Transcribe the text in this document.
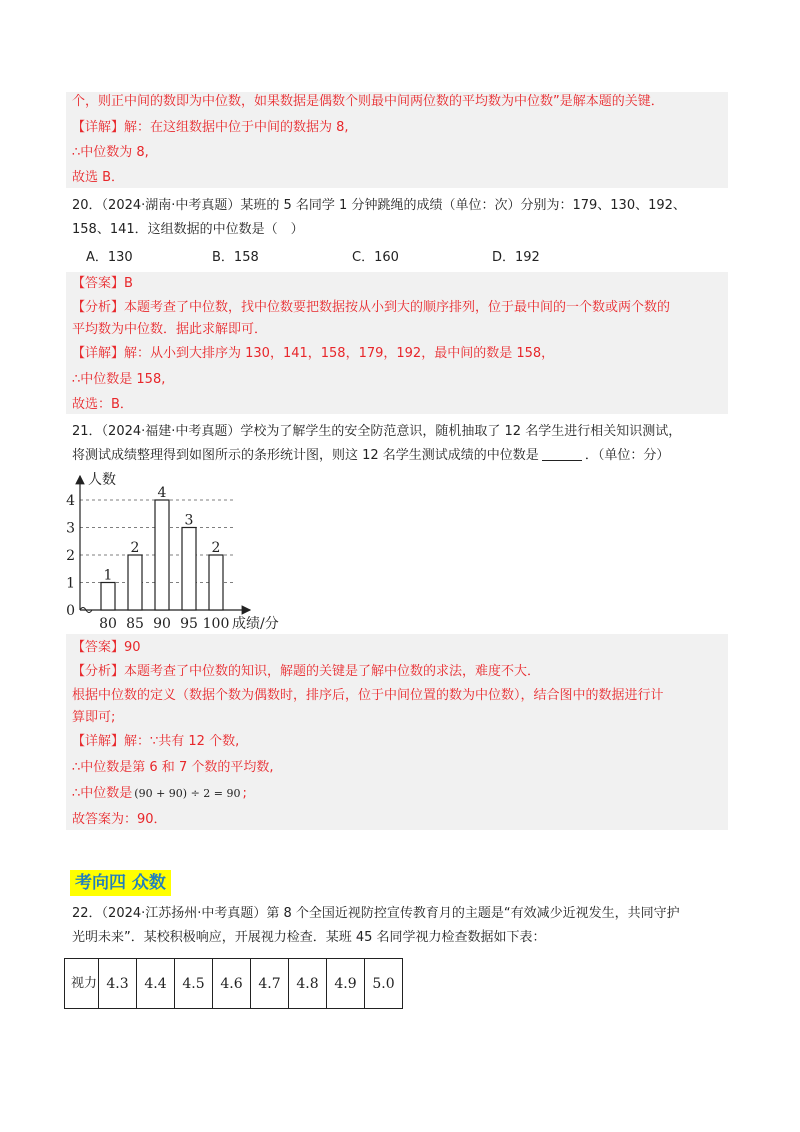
个，则正中间的数即为中位数，如果数据是偶数个则最中间两位数的平均数为中位数”是解本题的关键．
【详解】解：在这组数据中位于中间的数据为 8,
∴中位数为 8,
故选 B．
20．（2024·湖南·中考真题）某班的 5 名同学 1 分钟跳绳的成绩（单位：次）分别为：179、130、192、
158、141．这组数据的中位数是（　）
A．130	B．158	C．160	D．192
【答案】B
【分析】本题考查了中位数，找中位数要把数据按从小到大的顺序排列，位于最中间的一个数或两个数的
平均数为中位数．据此求解即可．
【详解】解：从小到大排序为 130，141，158，179，192，最中间的数是 158，
∴中位数是 158,
故选：B．
21．（2024·福建·中考真题）学校为了解学生的安全防范意识，随机抽取了 12 名学生进行相关知识测试，
将测试成绩整理得到如图所示的条形统计图，则这 12 名学生测试成绩的中位数是	．（单位：分）
人数
成绩/分
0
1
2
3
4
1
2
4
3
2
80 85 90 95 100
【答案】90
【分析】本题考查了中位数的知识，解题的关键是了解中位数的求法，难度不大．
根据中位数的定义（数据个数为偶数时，排序后，位于中间位置的数为中位数），结合图中的数据进行计
算即可;
【详解】解：∵共有 12 个数,
∴中位数是第 6 和 7 个数的平均数,
∴中位数是 (90 + 90) ÷ 2 = 90 ;
故答案为：90．
考向四 众数
22．（2024·江苏扬州·中考真题）第 8 个全国近视防控宣传教育月的主题是“有效减少近视发生，共同守护
光明未来”．某校积极响应，开展视力检查．某班 45 名同学视力检查数据如下表：
视力	4.3	4.4	4.5	4.6	4.7	4.8	4.9	5.0
